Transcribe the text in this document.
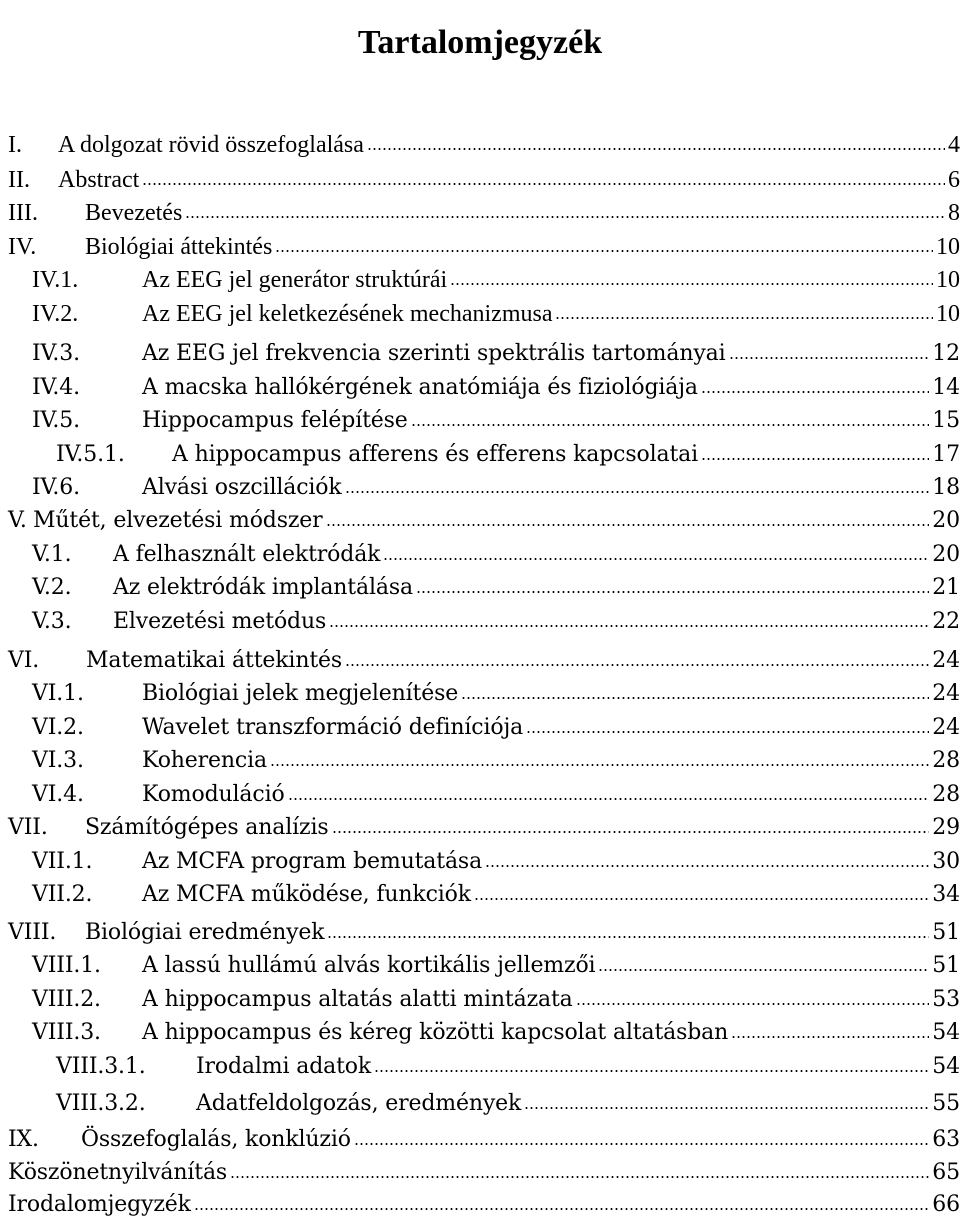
Tartalomjegyzék
I.	A dolgozat rövid összefoglalása	4
II.	Abstract	6
III.	Bevezetés	8
IV.	Biológiai áttekintés	10
IV.1.	Az EEG jel generátor struktúrái	10
IV.2.	Az EEG jel keletkezésének mechanizmusa	10
IV.3.	Az EEG jel frekvencia szerinti spektrális tartományai	12
IV.4.	A macska hallókérgének anatómiája és fiziológiája	14
IV.5.	Hippocampus felépítése	15
IV.5.1.	A hippocampus afferens és efferens kapcsolatai	17
IV.6.	Alvási oszcillációk	18
V. Műtét, elvezetési módszer	20
V.1.	A felhasznált elektródák	20
V.2.	Az elektródák implantálása	21
V.3.	Elvezetési metódus	22
VI.	Matematikai áttekintés	24
VI.1.	Biológiai jelek megjelenítése	24
VI.2.	Wavelet transzformáció definíciója	24
VI.3.	Koherencia	28
VI.4.	Komoduláció	28
VII.	Számítógépes analízis	29
VII.1.	Az MCFA program bemutatása	30
VII.2.	Az MCFA működése, funkciók	34
VIII.	Biológiai eredmények	51
VIII.1.	A lassú hullámú alvás kortikális jellemzői	51
VIII.2.	A hippocampus altatás alatti mintázata	53
VIII.3.	A hippocampus és kéreg közötti kapcsolat altatásban	54
VIII.3.1.	Irodalmi adatok	54
VIII.3.2.	Adatfeldolgozás, eredmények	55
IX.	Összefoglalás, konklúzió	63
Köszönetnyilvánítás	65
Irodalomjegyzék	66
